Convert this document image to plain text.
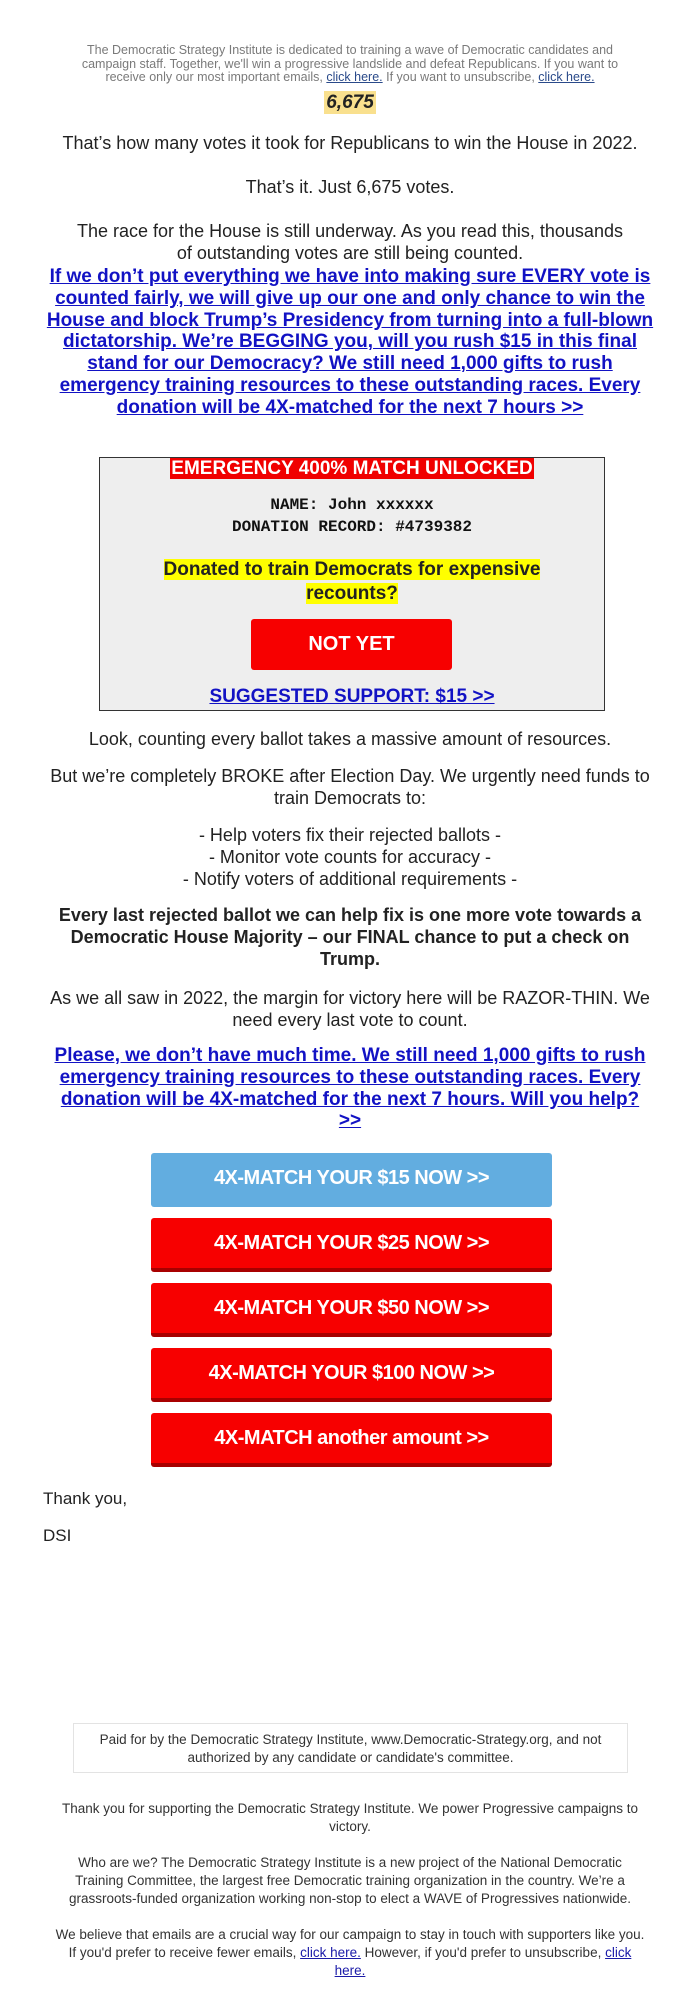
The Democratic Strategy Institute is dedicated to training a wave of Democratic candidates and campaign staff. Together, we'll win a progressive landslide and defeat Republicans. If you want to receive only our most important emails, click here. If you want to unsubscribe, click here.
6,675
That’s how many votes it took for Republicans to win the House in 2022.
That’s it. Just 6,675 votes.
The race for the House is still underway. As you read this, thousands of outstanding votes are still being counted.
If we don’t put everything we have into making sure EVERY vote is counted fairly, we will give up our one and only chance to win the House and block Trump’s Presidency from turning into a full-blown dictatorship. We’re BEGGING you, will you rush $15 in this final stand for our Democracy? We still need 1,000 gifts to rush emergency training resources to these outstanding races. Every donation will be 4X-matched for the next 7 hours >>
EMERGENCY 400% MATCH UNLOCKED
NAME: John xxxxxx
DONATION RECORD: #4739382
Donated to train Democrats for expensive recounts?
NOT YET
SUGGESTED SUPPORT: $15 >>
Look, counting every ballot takes a massive amount of resources.
But we’re completely BROKE after Election Day. We urgently need funds to train Democrats to:
- Help voters fix their rejected ballots -
- Monitor vote counts for accuracy -
- Notify voters of additional requirements -
Every last rejected ballot we can help fix is one more vote towards a Democratic House Majority – our FINAL chance to put a check on Trump.
As we all saw in 2022, the margin for victory here will be RAZOR-THIN. We need every last vote to count.
Please, we don’t have much time. We still need 1,000 gifts to rush emergency training resources to these outstanding races. Every donation will be 4X-matched for the next 7 hours. Will you help? >>
4X-MATCH YOUR $15 NOW >>
4X-MATCH YOUR $25 NOW >>
4X-MATCH YOUR $50 NOW >>
4X-MATCH YOUR $100 NOW >>
4X-MATCH another amount >>
Thank you,
DSI
Paid for by the Democratic Strategy Institute, www.Democratic-Strategy.org, and not authorized by any candidate or candidate's committee.
Thank you for supporting the Democratic Strategy Institute. We power Progressive campaigns to victory.
Who are we? The Democratic Strategy Institute is a new project of the National Democratic Training Committee, the largest free Democratic training organization in the country. We’re a grassroots-funded organization working non-stop to elect a WAVE of Progressives nationwide.
We believe that emails are a crucial way for our campaign to stay in touch with supporters like you. If you'd prefer to receive fewer emails, click here. However, if you'd prefer to unsubscribe, click here.
